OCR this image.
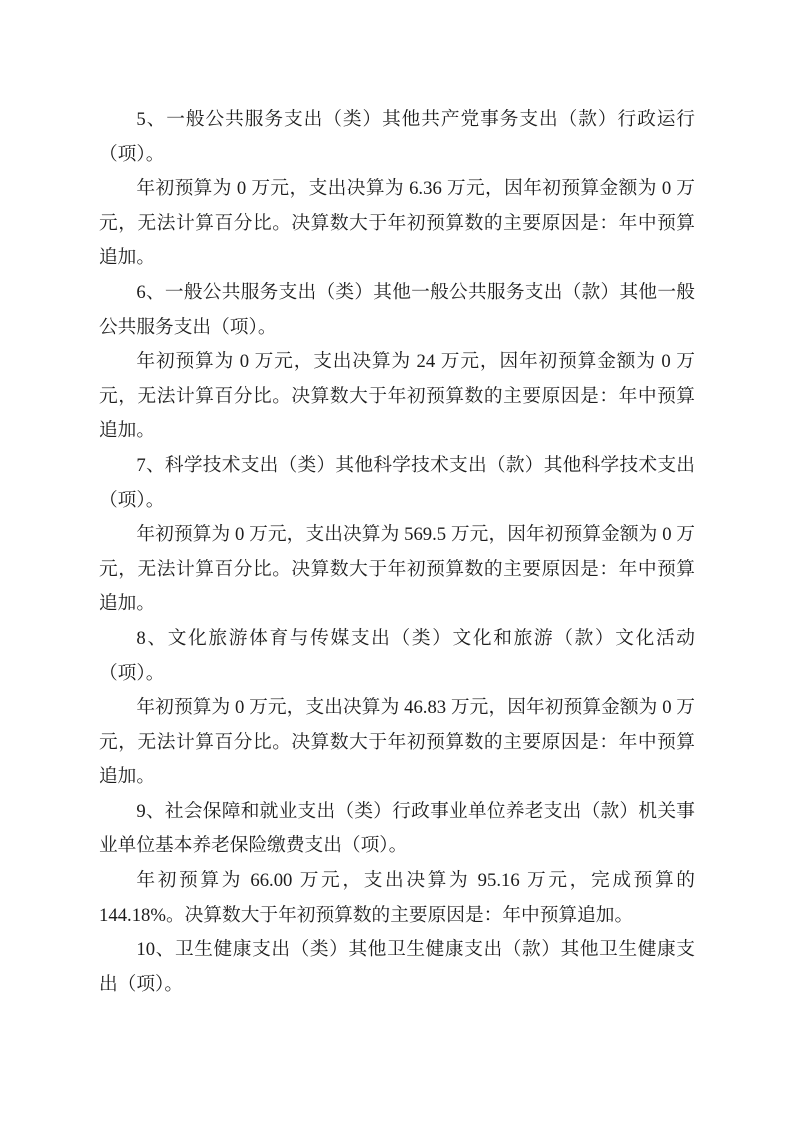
5、一般公共服务支出（类）其他共产党事务支出（款）行政运行（项）。

年初预算为 0 万元，支出决算为 6.36 万元，因年初预算金额为 0 万元，无法计算百分比。决算数大于年初预算数的主要原因是：年中预算追加。

6、一般公共服务支出（类）其他一般公共服务支出（款）其他一般公共服务支出（项）。

年初预算为 0 万元，支出决算为 24 万元，因年初预算金额为 0 万元，无法计算百分比。决算数大于年初预算数的主要原因是：年中预算追加。

7、科学技术支出（类）其他科学技术支出（款）其他科学技术支出（项）。

年初预算为 0 万元，支出决算为 569.5 万元，因年初预算金额为 0 万元，无法计算百分比。决算数大于年初预算数的主要原因是：年中预算追加。

8、文化旅游体育与传媒支出（类）文化和旅游（款）文化活动（项）。

年初预算为 0 万元，支出决算为 46.83 万元，因年初预算金额为 0 万元，无法计算百分比。决算数大于年初预算数的主要原因是：年中预算追加。

9、社会保障和就业支出（类）行政事业单位养老支出（款）机关事业单位基本养老保险缴费支出（项）。

年初预算为 66.00 万元，支出决算为 95.16 万元，完成预算的 144.18%。决算数大于年初预算数的主要原因是：年中预算追加。

10、卫生健康支出（类）其他卫生健康支出（款）其他卫生健康支出（项）。
